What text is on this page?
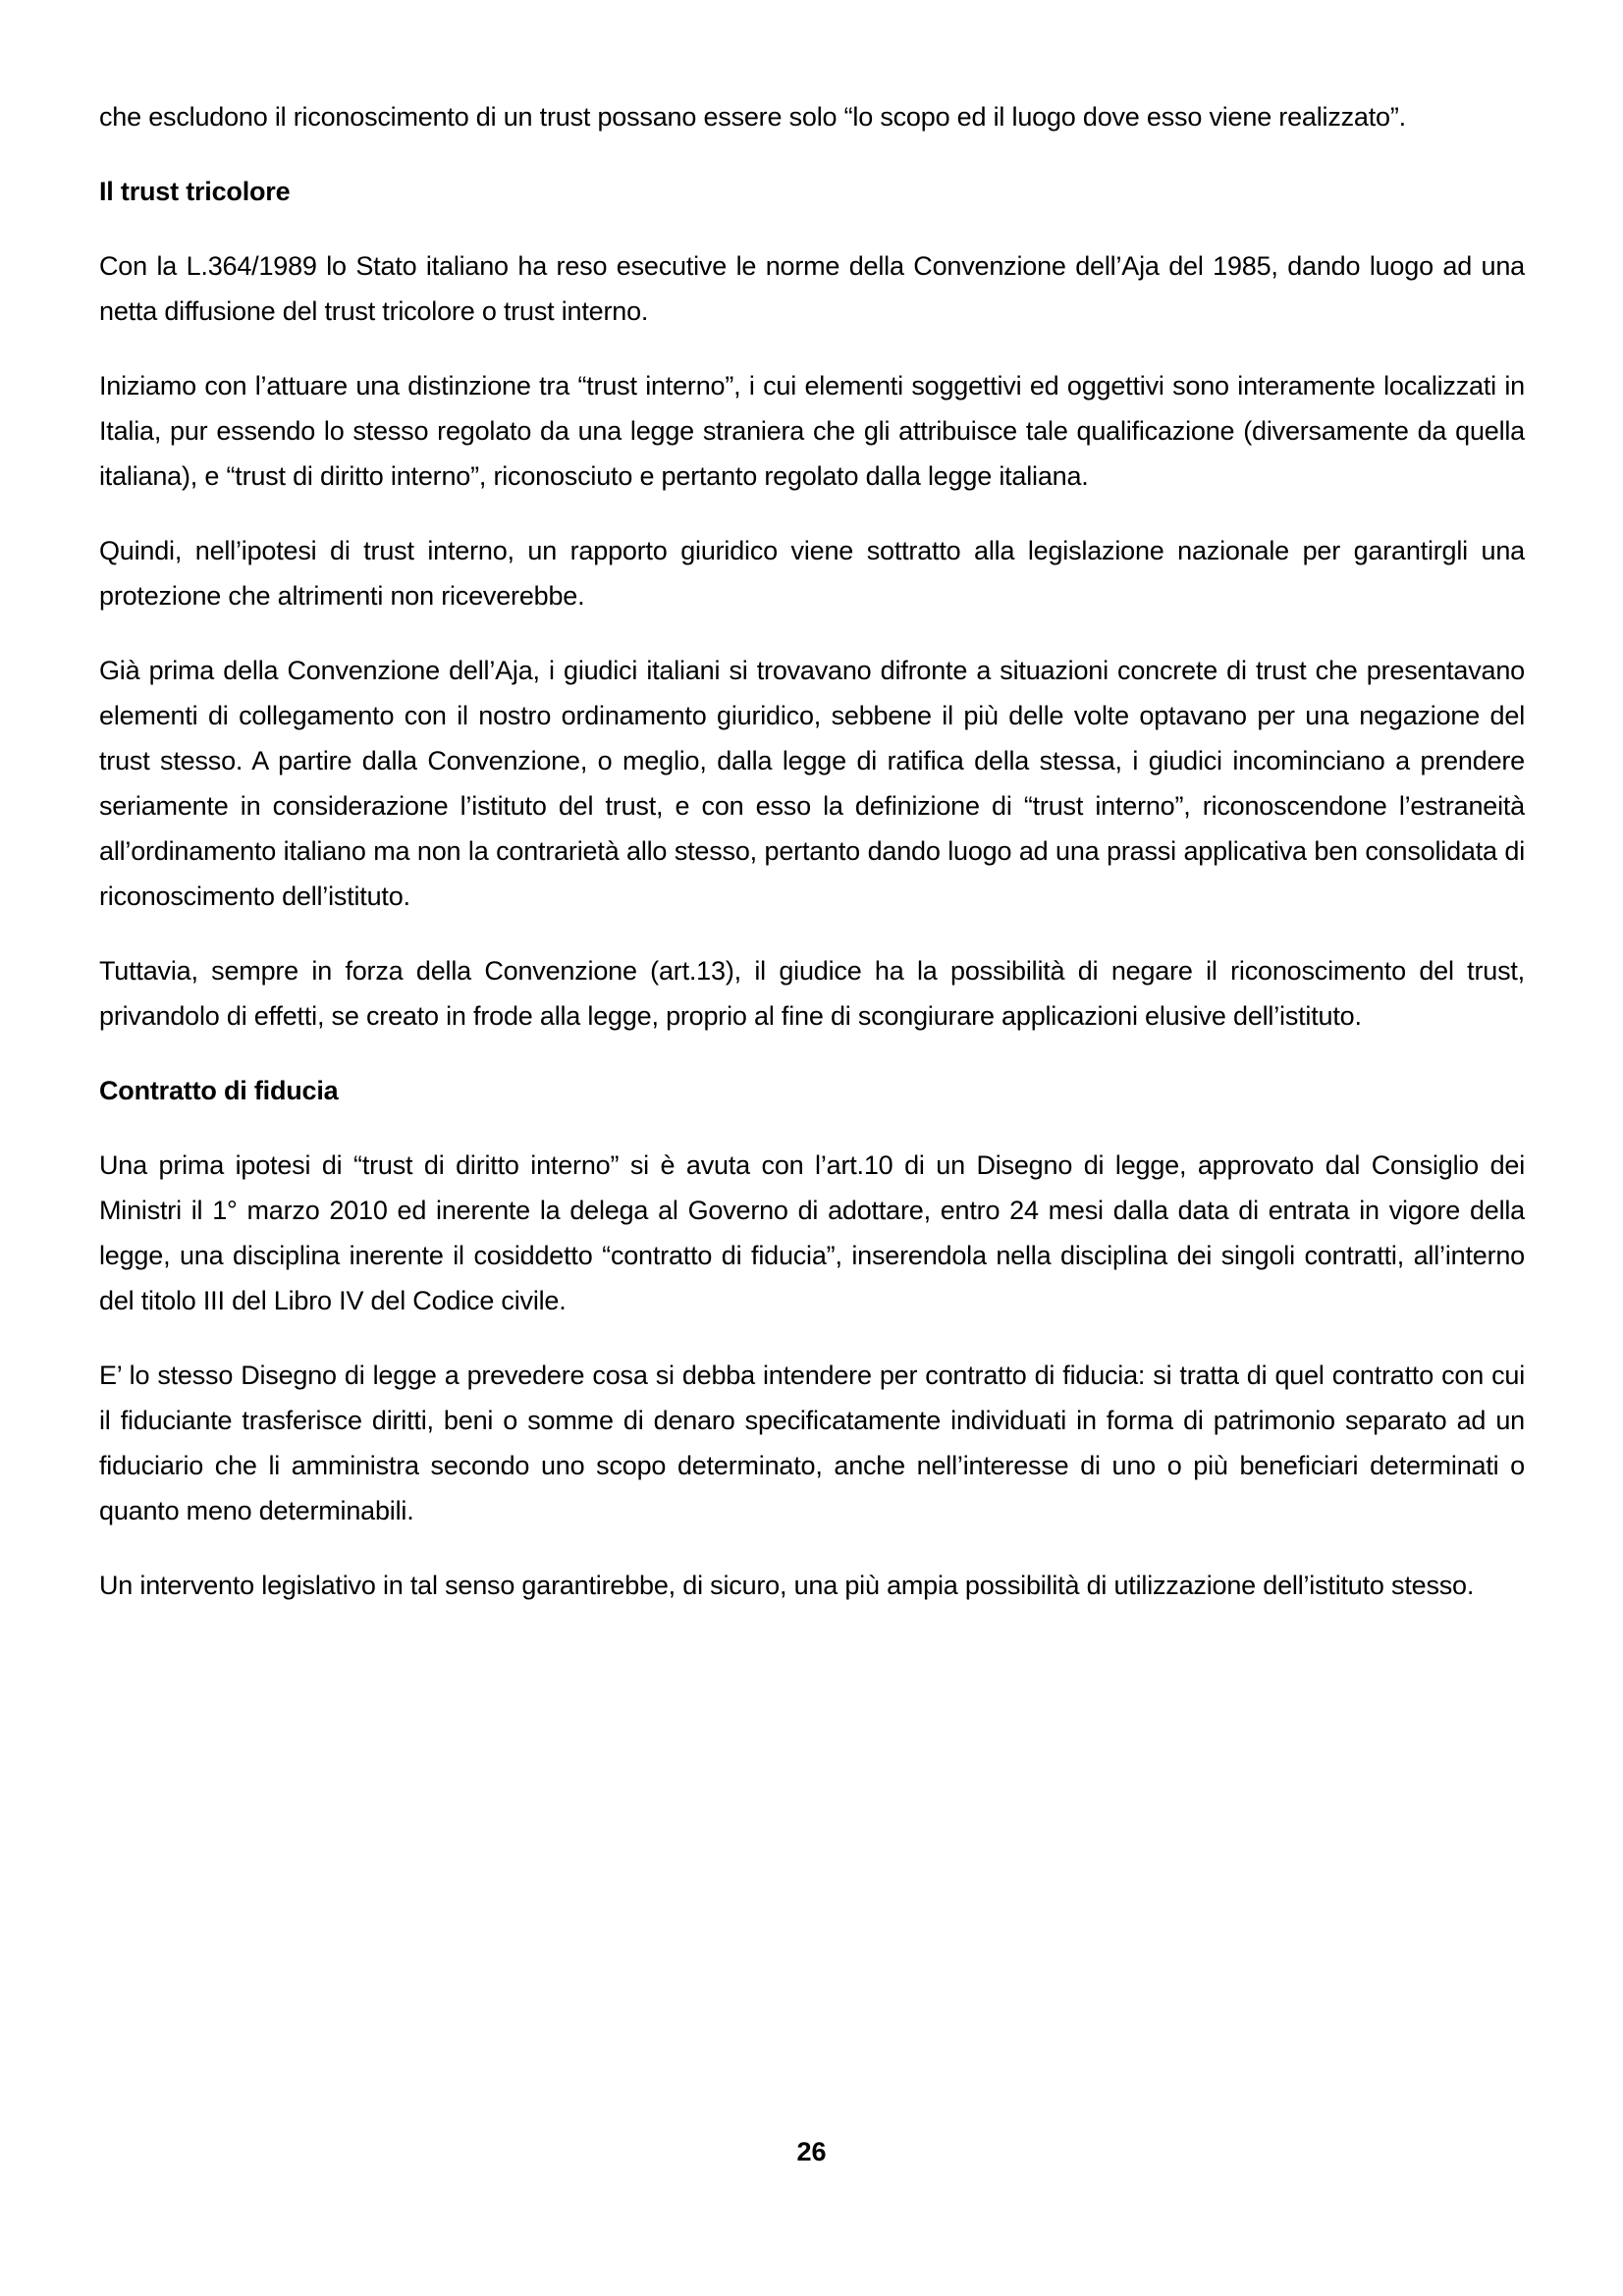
che escludono il riconoscimento di un trust possano essere solo “lo scopo ed il luogo dove esso viene realizzato”.

Il trust tricolore

Con la L.364/1989 lo Stato italiano ha reso esecutive le norme della Convenzione dell’Aja del 1985, dando luogo ad una netta diffusione del trust tricolore o trust interno.

Iniziamo con l’attuare una distinzione tra “trust interno”, i cui elementi soggettivi ed oggettivi sono interamente localizzati in Italia, pur essendo lo stesso regolato da una legge straniera che gli attribuisce tale qualificazione (diversamente da quella italiana), e “trust di diritto interno”, riconosciuto e pertanto regolato dalla legge italiana.

Quindi, nell’ipotesi di trust interno, un rapporto giuridico viene sottratto alla legislazione nazionale per garantirgli una protezione che altrimenti non riceverebbe.

Già prima della Convenzione dell’Aja, i giudici italiani si trovavano difronte a situazioni concrete di trust che presentavano elementi di collegamento con il nostro ordinamento giuridico, sebbene il più delle volte optavano per una negazione del trust stesso. A partire dalla Convenzione, o meglio, dalla legge di ratifica della stessa, i giudici incominciano a prendere seriamente in considerazione l’istituto del trust, e con esso la definizione di “trust interno”, riconoscendone l’estraneità all’ordinamento italiano ma non la contrarietà allo stesso, pertanto dando luogo ad una prassi applicativa ben consolidata di riconoscimento dell’istituto.

Tuttavia, sempre in forza della Convenzione (art.13), il giudice ha la possibilità di negare il riconoscimento del trust, privandolo di effetti, se creato in frode alla legge, proprio al fine di scongiurare applicazioni elusive dell’istituto.

Contratto di fiducia

Una prima ipotesi di “trust di diritto interno” si è avuta con l’art.10 di un Disegno di legge, approvato dal Consiglio dei Ministri il 1° marzo 2010 ed inerente la delega al Governo di adottare, entro 24 mesi dalla data di entrata in vigore della legge, una disciplina inerente il cosiddetto “contratto di fiducia”, inserendola nella disciplina dei singoli contratti, all’interno del titolo III del Libro IV del Codice civile.

E’ lo stesso Disegno di legge a prevedere cosa si debba intendere per contratto di fiducia: si tratta di quel contratto con cui il fiduciante trasferisce diritti, beni o somme di denaro specificatamente individuati in forma di patrimonio separato ad un fiduciario che li amministra secondo uno scopo determinato, anche nell’interesse di uno o più beneficiari determinati o quanto meno determinabili.

Un intervento legislativo in tal senso garantirebbe, di sicuro, una più ampia possibilità di utilizzazione dell’istituto stesso.

26
